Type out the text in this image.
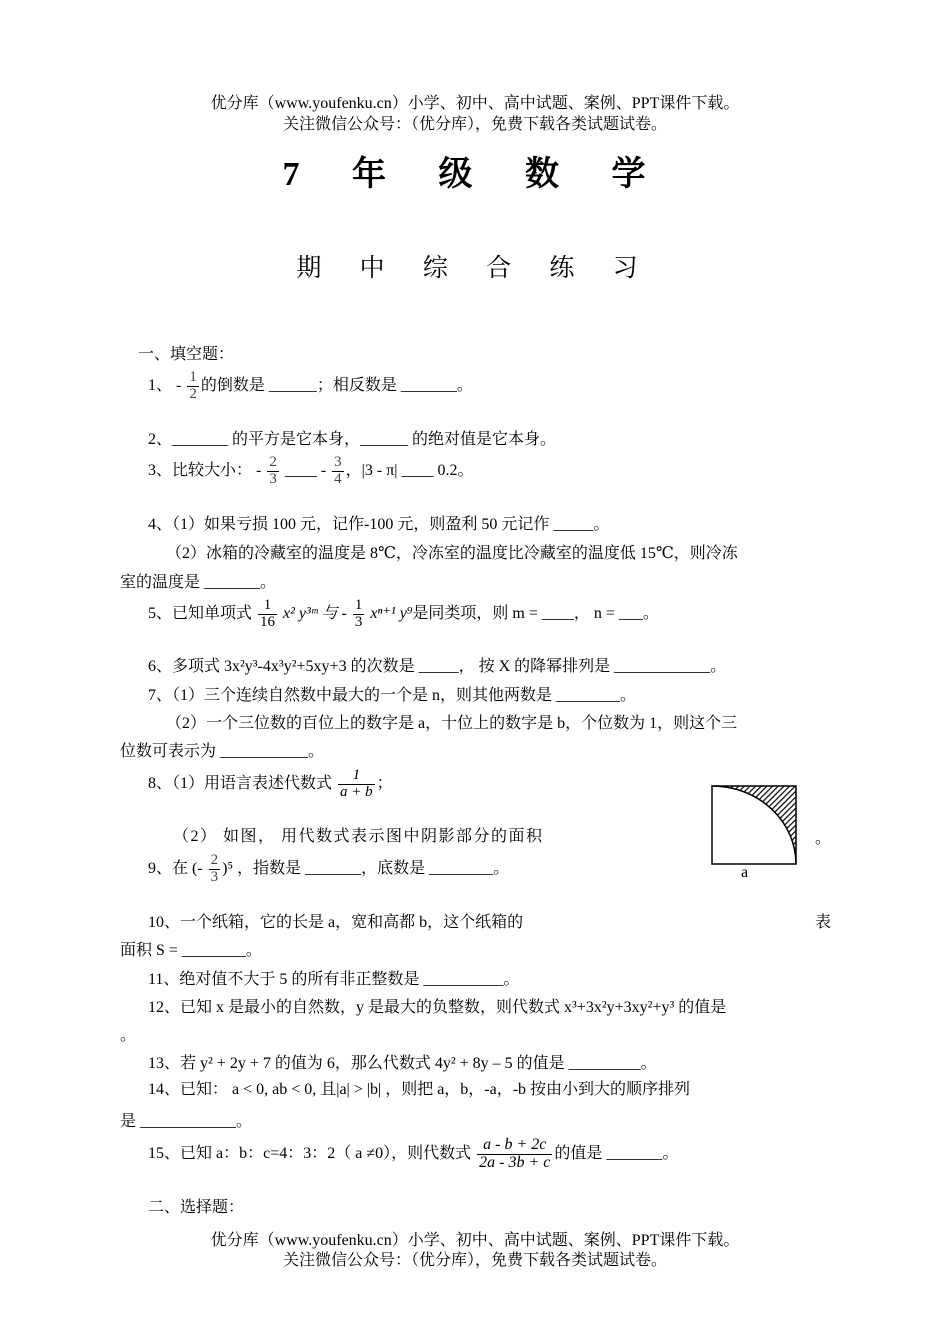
优分库（www.youfenku.cn）小学、初中、高中试题、案例、PPT课件下载。
关注微信公众号：（优分库），免费下载各类试题试卷。
7 年 级 数 学
期 中 综 合 练 习
一、填空题：
1、 - $\frac{1}{2}$ 的倒数是 ______；相反数是 _______。
2、_______ 的平方是它本身，______ 的绝对值是它本身。
3、比较大小： - $\frac{2}{3}$ ____ - $\frac{3}{4}$ ，|3 - π| ____ 0.2。
4、（1）如果亏损 100 元，记作-100 元，则盈利 50 元记作 _____。
（2）冰箱的冷藏室的温度是 8℃，冷冻室的温度比冷藏室的温度低 15℃，则冷冻
室的温度是 _______。
5、已知单项式 $\frac{1}{16} x^2$ y³ᵐ 与 - $\frac{1}{3} x^{n+1}$ y⁹是同类项，则 m = ____， n = ___。
6、多项式 3x²y³-4x³y²+5xy+3 的次数是 _____， 按 X 的降幂排列是 ____________。
7、（1）三个连续自然数中最大的一个是 n，则其他两数是 ________。
（2）一个三位数的百位上的数字是 a，十位上的数字是 b，个位数为 1，则这个三
位数可表示为 ___________。
8、（1）用语言表述代数式 $\frac{1}{a + b}$ ；
（2） 如图， 用代数式表示图中阴影部分的面积	。
a
9、在 (- $\frac{2}{3} )^5$ ，指数是 _______，底数是 ________。
10、一个纸箱，它的长是 a，宽和高都 b，这个纸箱的	表
面积 S = ________。
11、绝对值不大于 5 的所有非正整数是 __________。
12、已知 x 是最小的自然数，y 是最大的负整数，则代数式 x³+3x²y+3xy²+y³ 的值是
。
13、若 y² + 2y + 7 的值为 6，那么代数式 4y² + 8y – 5 的值是 _________。
14、已知： a < 0, ab < 0, 且|a| > |b| ，则把 a，b，-a，-b 按由小到大的顺序排列
是 ____________。
15、已知 a：b：c=4：3：2（ a ≠0），则代数式 $\frac{a - b + 2c}{2a - 3b + c}$ 的值是 _______。
二、选择题：
优分库（www.youfenku.cn）小学、初中、高中试题、案例、PPT课件下载。
关注微信公众号：（优分库），免费下载各类试题试卷。
